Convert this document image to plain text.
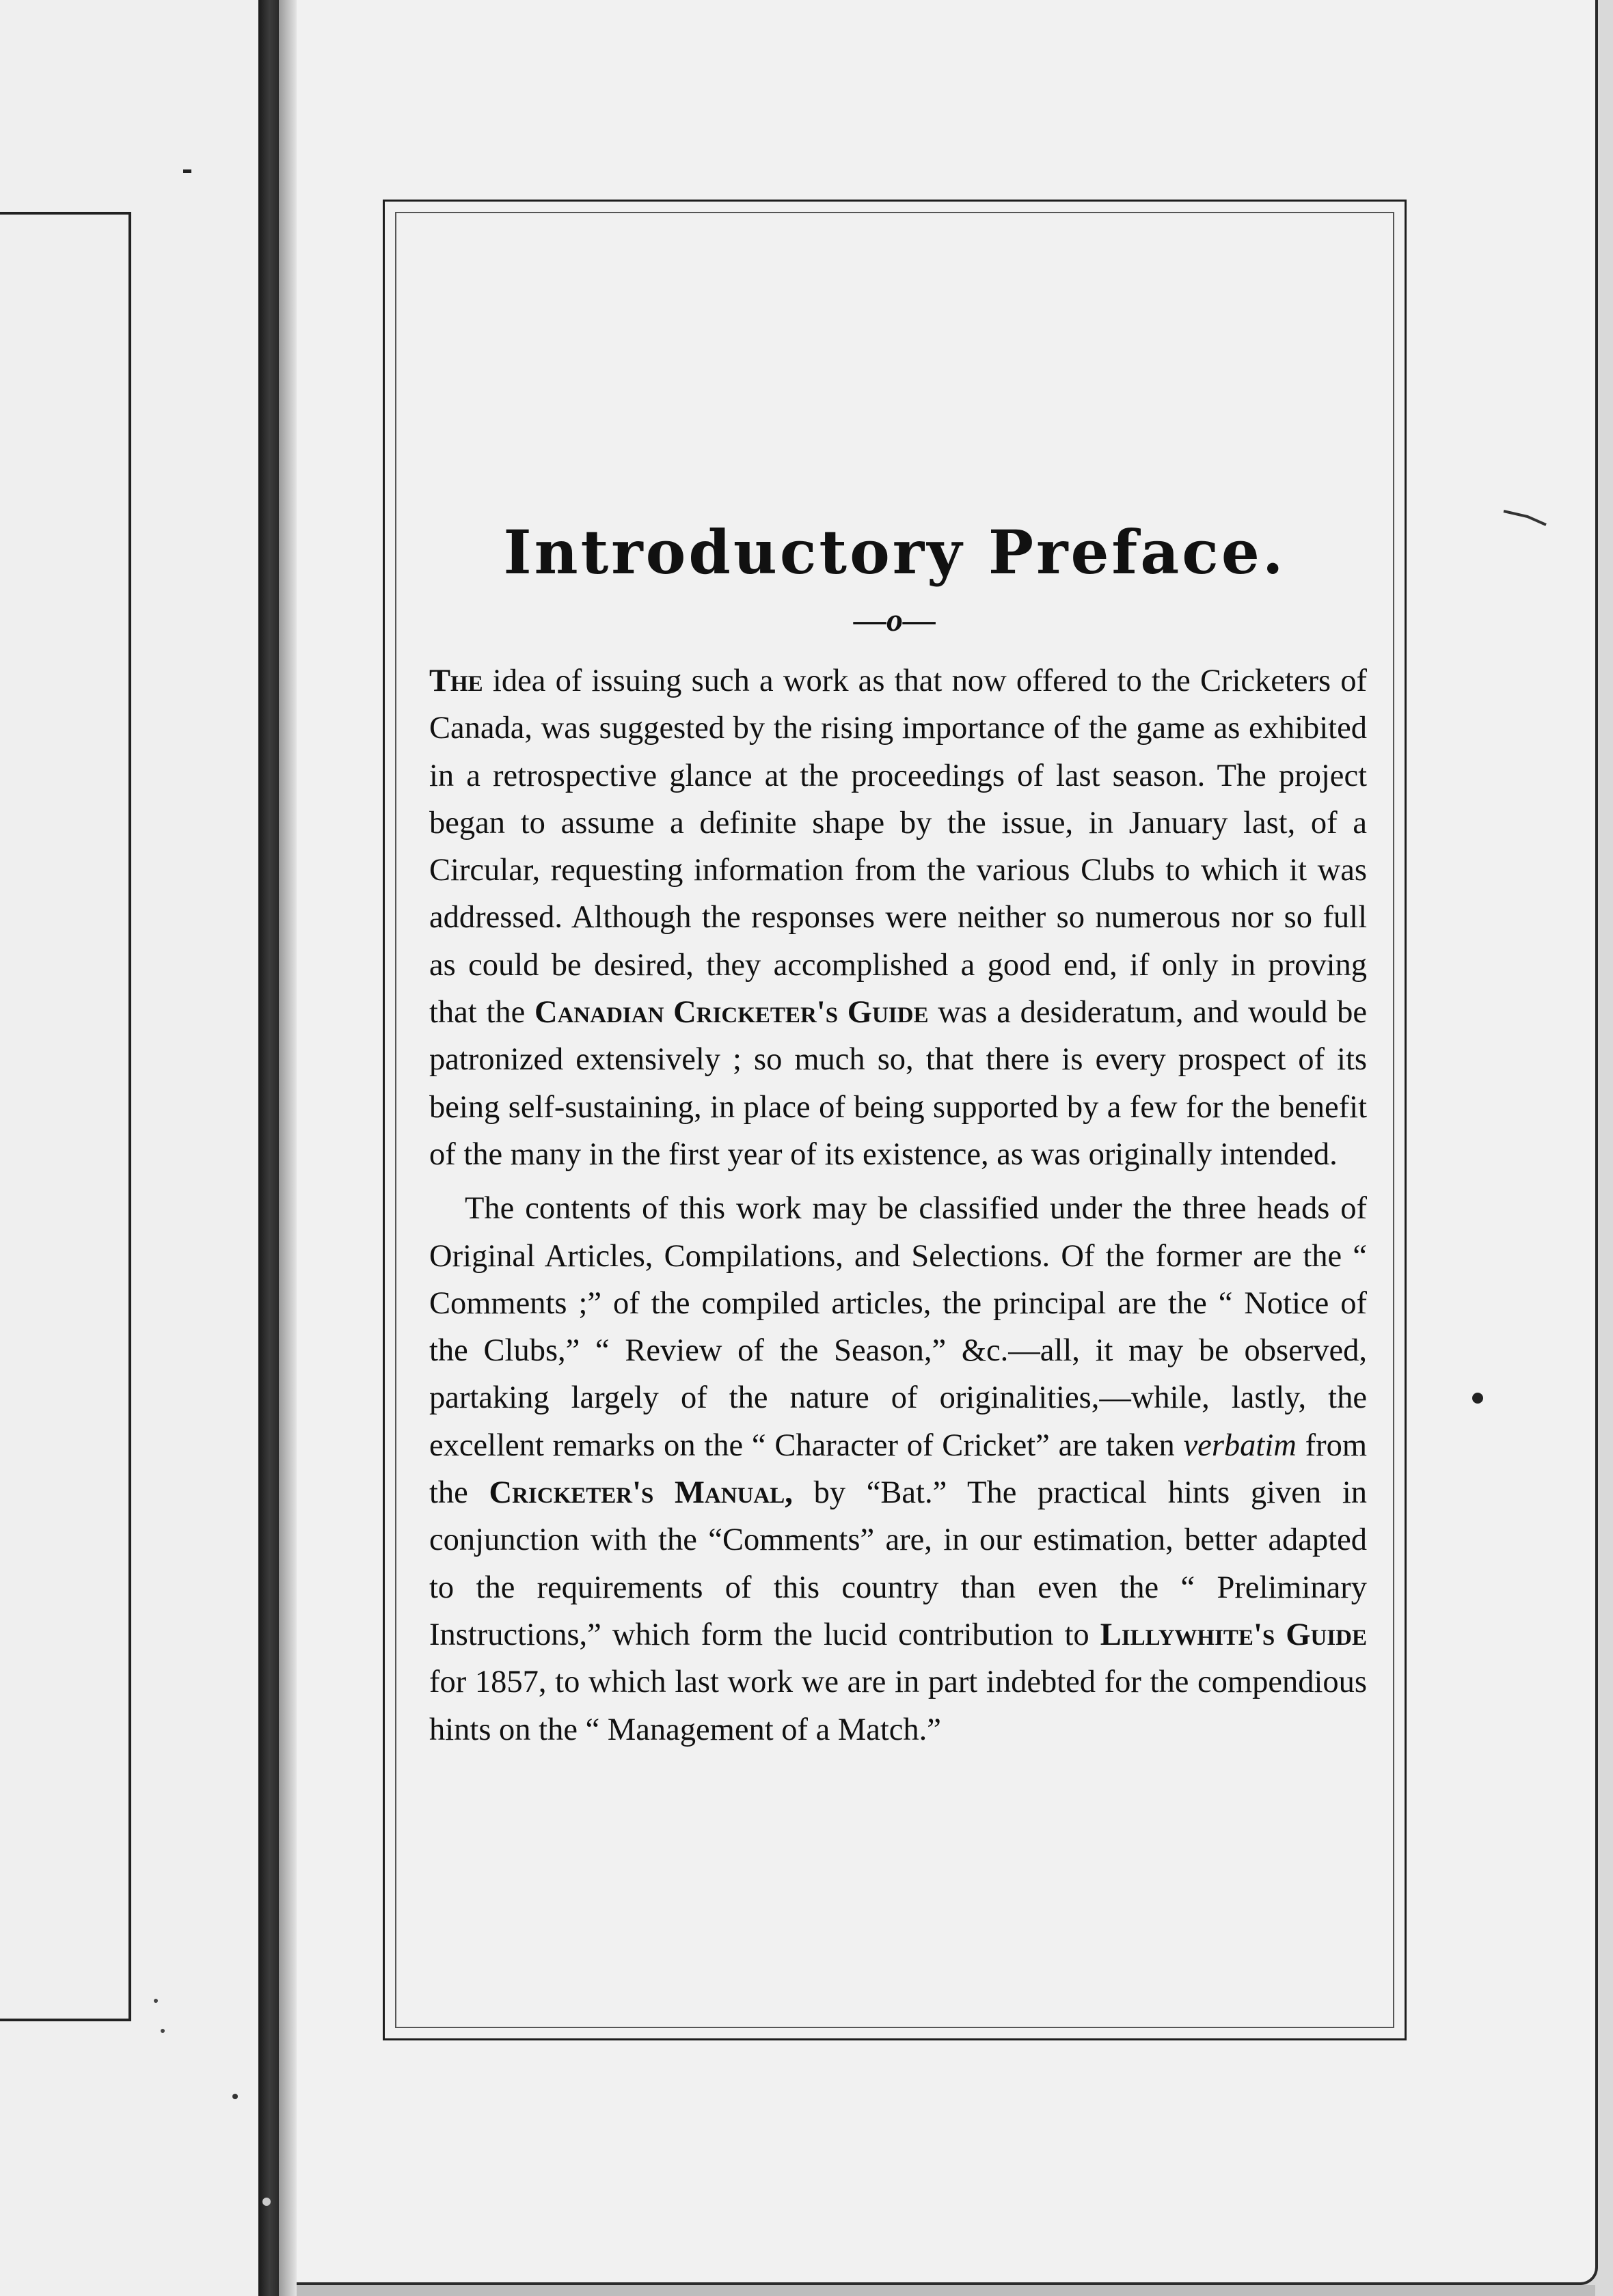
Introductory Preface.

—o—

The idea of issuing such a work as that now offered to the Cricketers of Canada, was suggested by the rising importance of the game as exhibited in a retrospective glance at the proceedings of last season. The project began to assume a definite shape by the issue, in January last, of a Circular, requesting information from the various Clubs to which it was addressed. Although the responses were neither so numerous nor so full as could be desired, they accomplished a good end, if only in proving that the Canadian Cricketer's Guide was a desideratum, and would be patronized extensively ; so much so, that there is every prospect of its being self-sustaining, in place of being supported by a few for the benefit of the many in the first year of its existence, as was originally intended.

The contents of this work may be classified under the three heads of Original Articles, Compilations, and Selections. Of the former are the “ Comments ;” of the compiled articles, the principal are the “ Notice of the Clubs,” “ Review of the Season,” &c.—all, it may be observed, partaking largely of the nature of originalities,—while, lastly, the excellent remarks on the “ Character of Cricket” are taken verbatim from the Cricketer's Manual, by “Bat.” The practical hints given in conjunction with the “Comments” are, in our estimation, better adapted to the requirements of this country than even the “ Preliminary Instructions,” which form the lucid contribution to Lillywhite's Guide for 1857, to which last work we are in part indebted for the compendious hints on the “ Management of a Match.”
